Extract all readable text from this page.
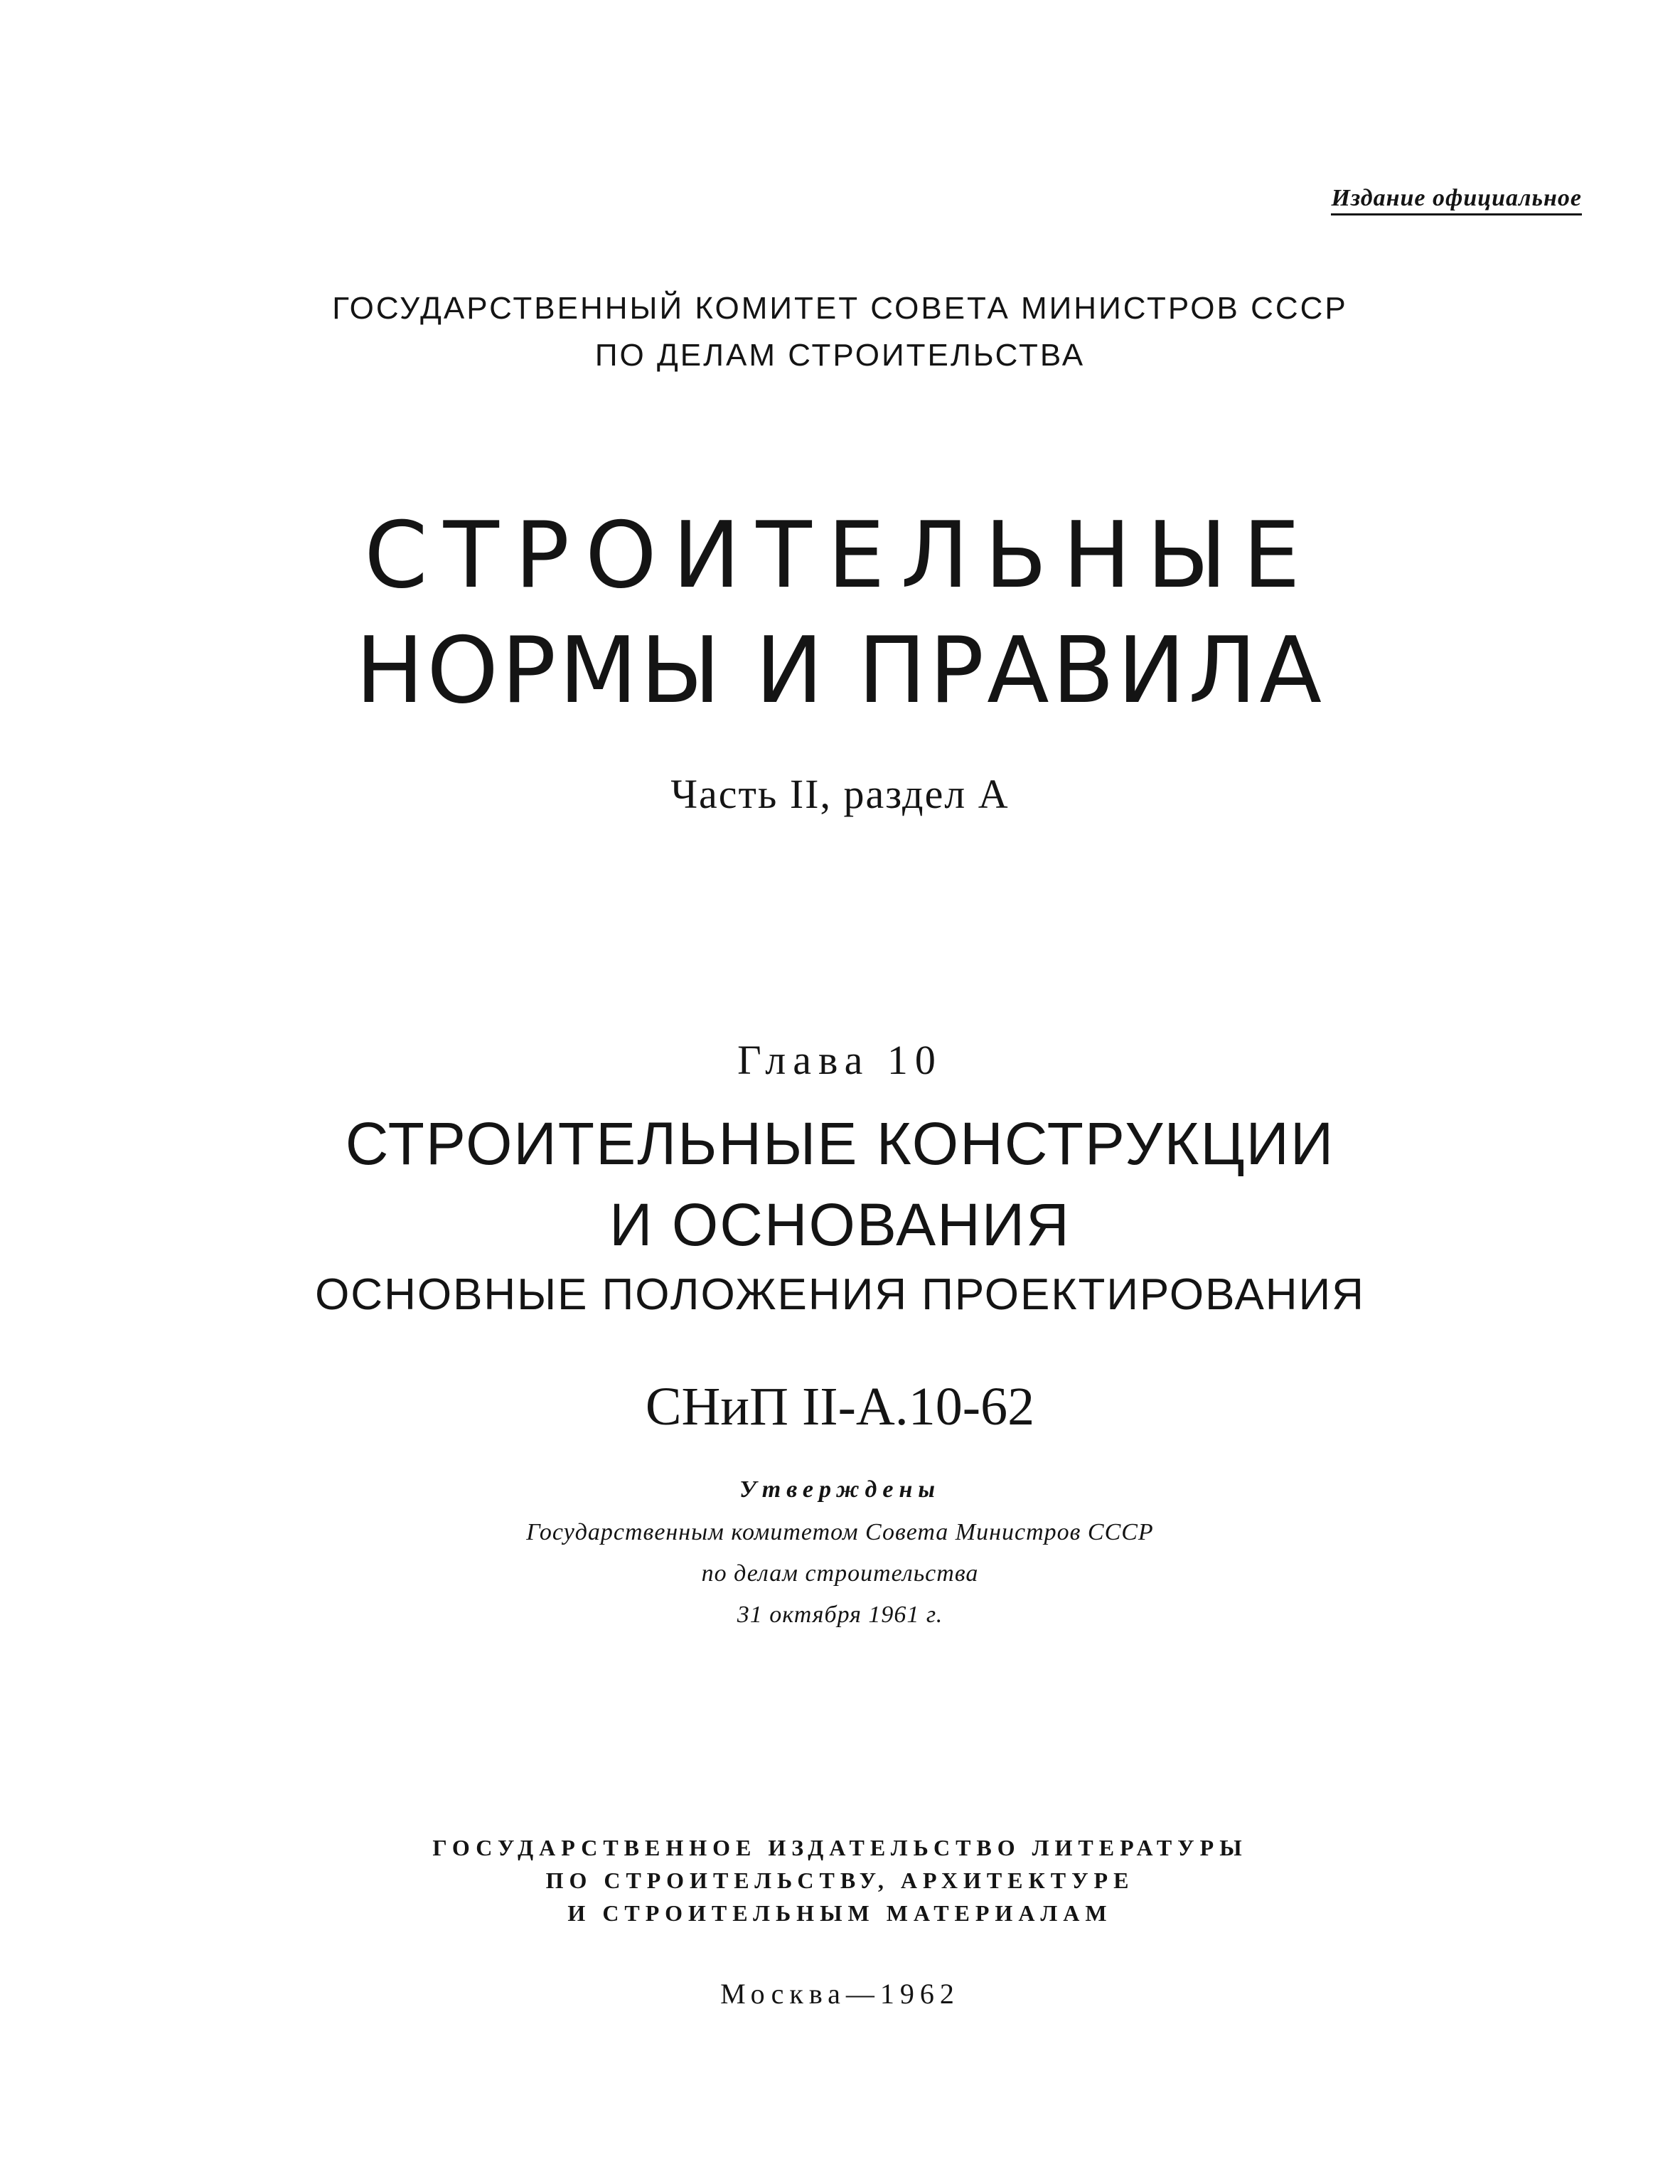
Издание официальное
ГОСУДАРСТВЕННЫЙ КОМИТЕТ СОВЕТА МИНИСТРОВ СССР
ПО ДЕЛАМ СТРОИТЕЛЬСТВА
СТРОИТЕЛЬНЫЕ
НОРМЫ И ПРАВИЛА
Часть II, раздел А
Глава 10
СТРОИТЕЛЬНЫЕ КОНСТРУКЦИИ
И ОСНОВАНИЯ
ОСНОВНЫЕ ПОЛОЖЕНИЯ ПРОЕКТИРОВАНИЯ
СНиП II-А.10-62
Утверждены
Государственным комитетом Совета Министров СССР
по делам строительства
31 октября 1961 г.
ГОСУДАРСТВЕННОЕ ИЗДАТЕЛЬСТВО ЛИТЕРАТУРЫ
ПО СТРОИТЕЛЬСТВУ, АРХИТЕКТУРЕ
И СТРОИТЕЛЬНЫМ МАТЕРИАЛАМ
Москва—1962
